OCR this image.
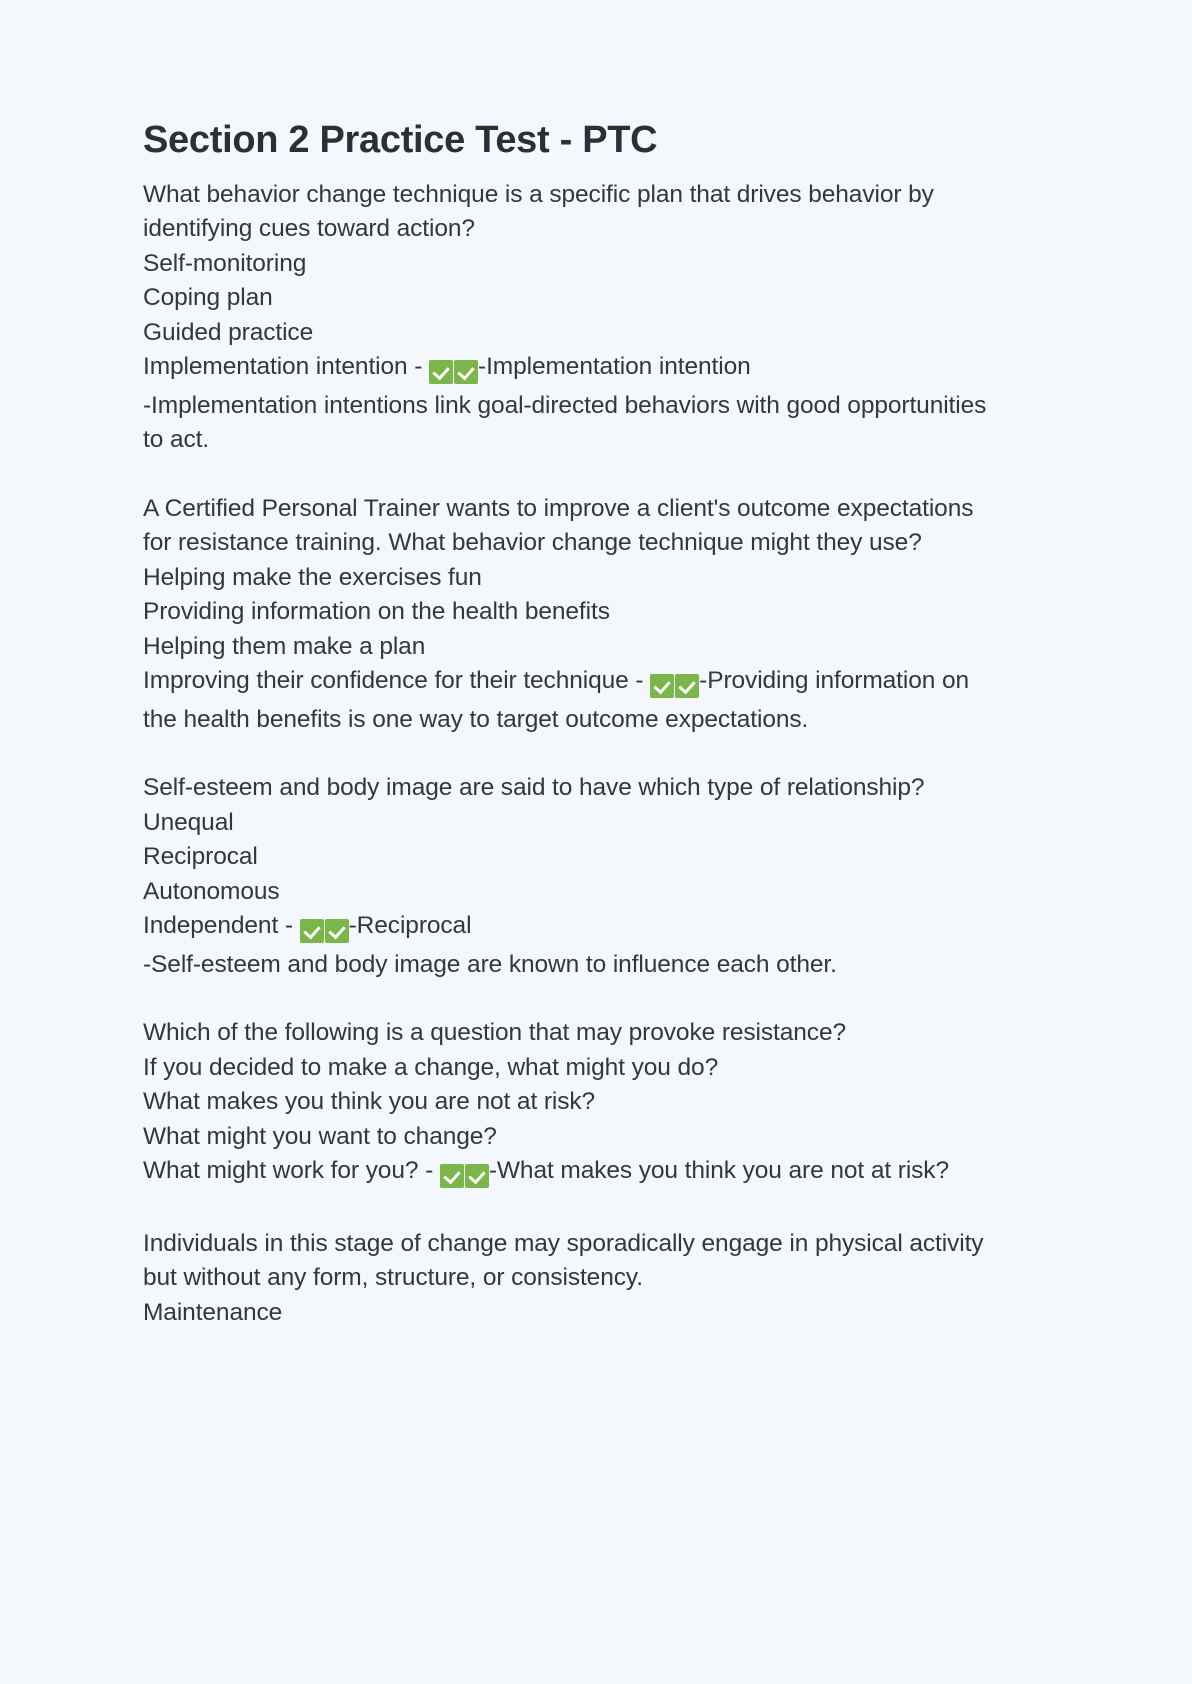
Section 2 Practice Test - PTC

What behavior change technique is a specific plan that drives behavior by identifying cues toward action?

Self-monitoring

Coping plan

Guided practice

Implementation intention - -Implementation intention

-Implementation intentions link goal-directed behaviors with good opportunities to act.

A Certified Personal Trainer wants to improve a client's outcome expectations for resistance training. What behavior change technique might they use?

Helping make the exercises fun

Providing information on the health benefits

Helping them make a plan

Improving their confidence for their technique - -Providing information on the health benefits is one way to target outcome expectations.

Self-esteem and body image are said to have which type of relationship?

Unequal

Reciprocal

Autonomous

Independent - -Reciprocal

-Self-esteem and body image are known to influence each other.

Which of the following is a question that may provoke resistance?

If you decided to make a change, what might you do?

What makes you think you are not at risk?

What might you want to change?

What might work for you? - -What makes you think you are not at risk?

Individuals in this stage of change may sporadically engage in physical activity but without any form, structure, or consistency.

Maintenance
